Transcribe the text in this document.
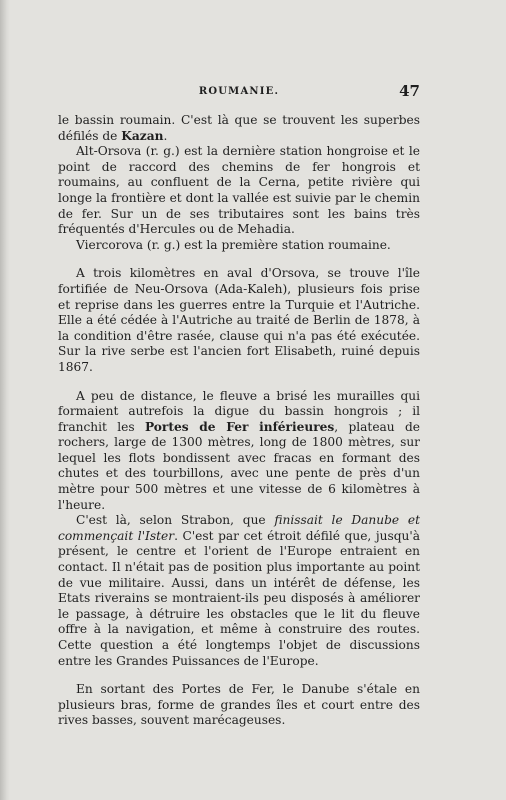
ROUMANIE.	47

le bassin roumain. C'est là que se trouvent les superbes défilés de Kazan.

Alt-Orsova (r. g.) est la dernière station hongroise et le point de raccord des chemins de fer hongrois et roumains, au confluent de la Cerna, petite rivière qui longe la frontière et dont la vallée est suivie par le chemin de fer. Sur un de ses tributaires sont les bains très fréquentés d'Hercules ou de Mehadia.

Viercorova (r. g.) est la première station roumaine.

A trois kilomètres en aval d'Orsova, se trouve l'île fortifiée de Neu-Orsova (Ada-Kaleh), plusieurs fois prise et reprise dans les guerres entre la Turquie et l'Autriche. Elle a été cédée à l'Autriche au traité de Berlin de 1878, à la condition d'être rasée, clause qui n'a pas été exécutée. Sur la rive serbe est l'ancien fort Elisabeth, ruiné depuis 1867.

A peu de distance, le fleuve a brisé les murailles qui formaient autrefois la digue du bassin hongrois ; il franchit les Portes de Fer inférieures, plateau de rochers, large de 1300 mètres, long de 1800 mètres, sur lequel les flots bondissent avec fracas en formant des chutes et des tourbillons, avec une pente de près d'un mètre pour 500 mètres et une vitesse de 6 kilomètres à l'heure.

C'est là, selon Strabon, que finissait le Danube et commençait l'Ister. C'est par cet étroit défilé que, jusqu'à présent, le centre et l'orient de l'Europe entraient en contact. Il n'était pas de position plus importante au point de vue militaire. Aussi, dans un intérêt de défense, les Etats riverains se montraient-ils peu disposés à améliorer le passage, à détruire les obstacles que le lit du fleuve offre à la navigation, et même à construire des routes. Cette question a été longtemps l'objet de discussions entre les Grandes Puissances de l'Europe.

En sortant des Portes de Fer, le Danube s'étale en plusieurs bras, forme de grandes îles et court entre des rives basses, souvent marécageuses.
